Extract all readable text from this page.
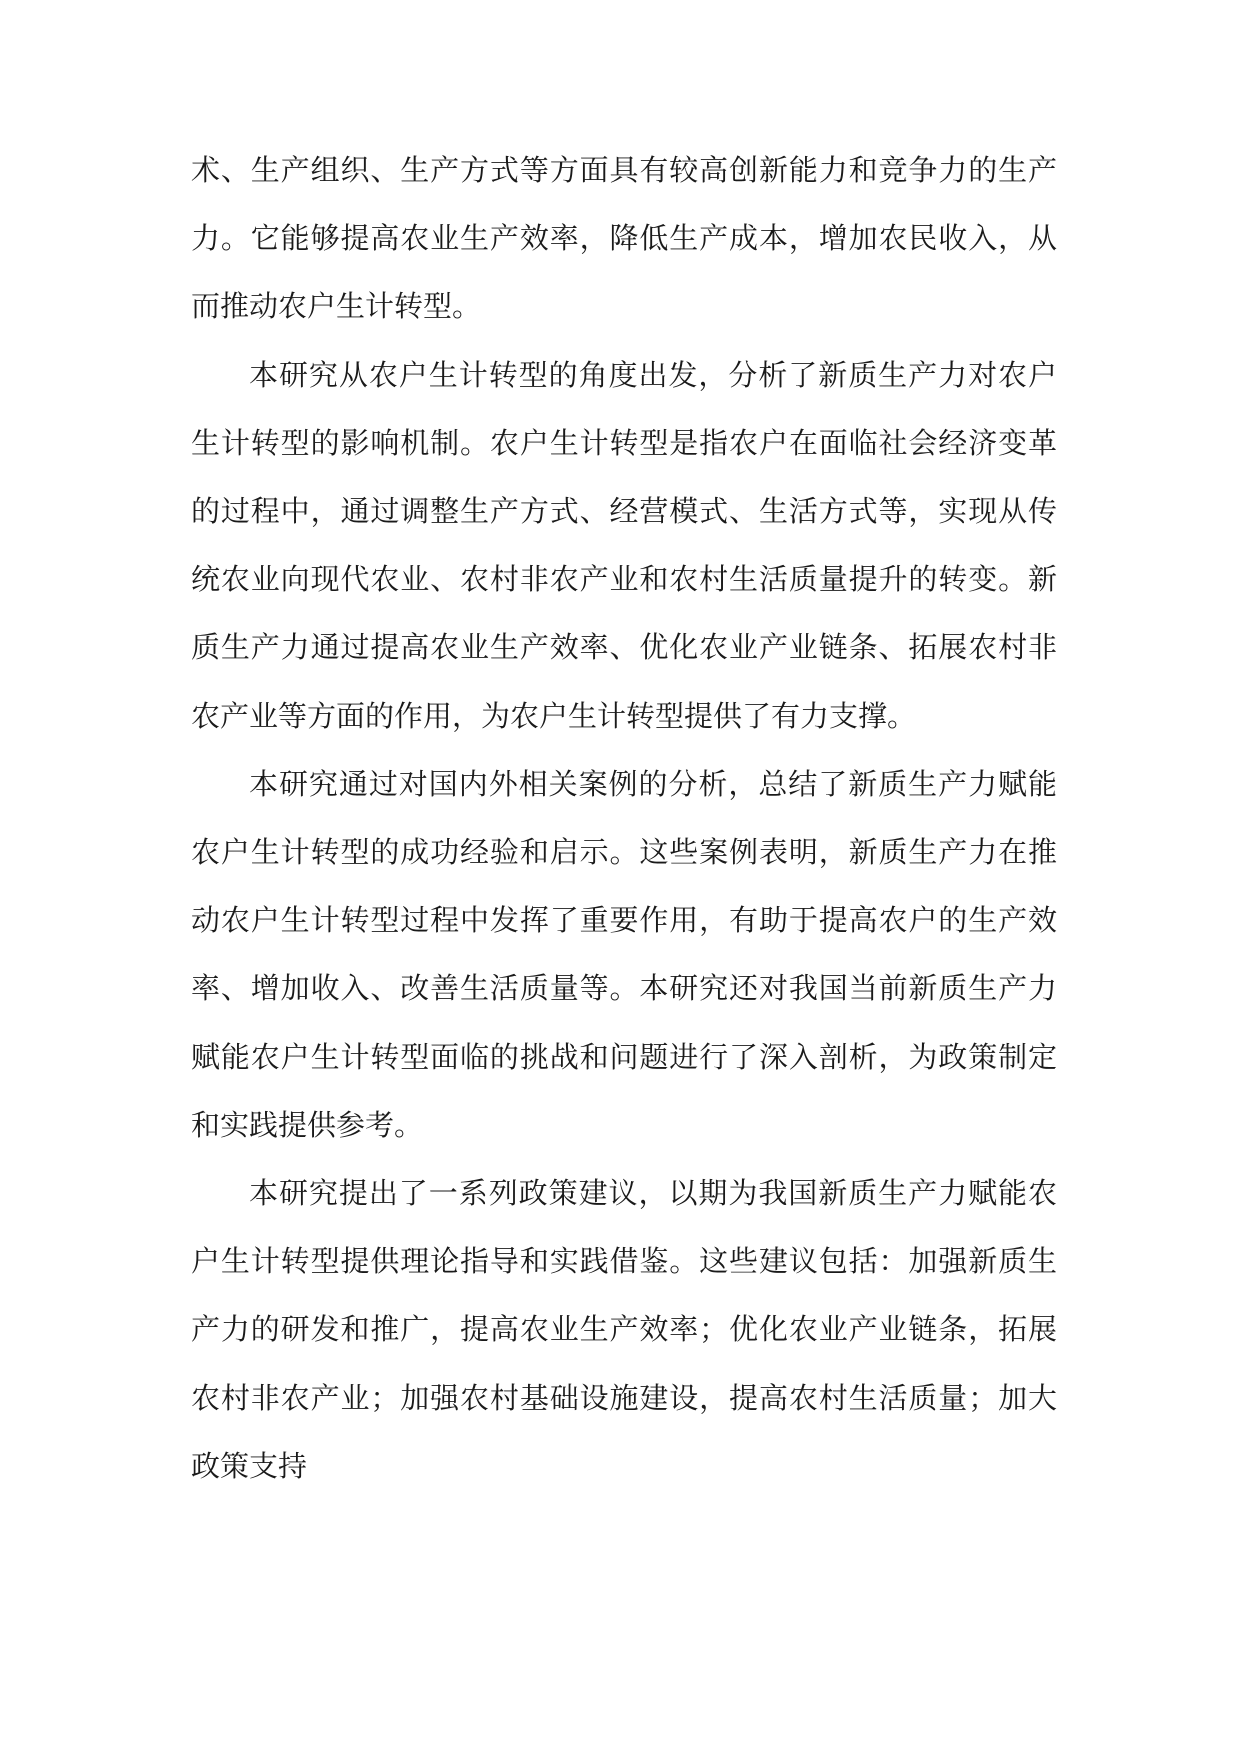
术、生产组织、生产方式等方面具有较高创新能力和竞争力的生产力。它能够提高农业生产效率，降低生产成本，增加农民收入，从而推动农户生计转型。

本研究从农户生计转型的角度出发，分析了新质生产力对农户生计转型的影响机制。农户生计转型是指农户在面临社会经济变革的过程中，通过调整生产方式、经营模式、生活方式等，实现从传统农业向现代农业、农村非农产业和农村生活质量提升的转变。新质生产力通过提高农业生产效率、优化农业产业链条、拓展农村非农产业等方面的作用，为农户生计转型提供了有力支撑。

本研究通过对国内外相关案例的分析，总结了新质生产力赋能农户生计转型的成功经验和启示。这些案例表明，新质生产力在推动农户生计转型过程中发挥了重要作用，有助于提高农户的生产效率、增加收入、改善生活质量等。本研究还对我国当前新质生产力赋能农户生计转型面临的挑战和问题进行了深入剖析，为政策制定和实践提供参考。

本研究提出了一系列政策建议，以期为我国新质生产力赋能农户生计转型提供理论指导和实践借鉴。这些建议包括：加强新质生产力的研发和推广，提高农业生产效率；优化农业产业链条，拓展农村非农产业；加强农村基础设施建设，提高农村生活质量；加大政策支持
